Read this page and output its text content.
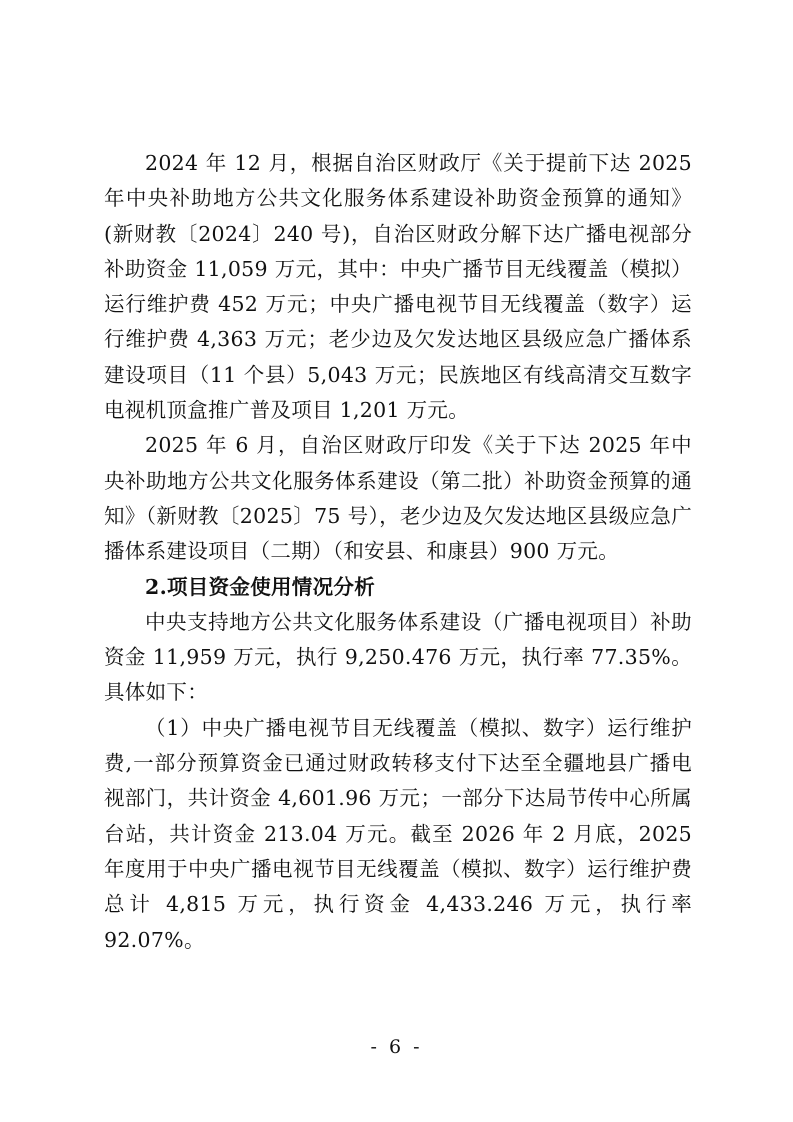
2024 年 12 月，根据自治区财政厅《关于提前下达 2025 年中央补助地方公共文化服务体系建设补助资金预算的通知》(新财教〔2024〕240 号)，自治区财政分解下达广播电视部分补助资金 11,059 万元，其中：中央广播节目无线覆盖（模拟）运行维护费 452 万元；中央广播电视节目无线覆盖（数字）运行维护费 4,363 万元；老少边及欠发达地区县级应急广播体系建设项目（11 个县）5,043 万元；民族地区有线高清交互数字电视机顶盒推广普及项目 1,201 万元。

2025 年 6 月，自治区财政厅印发《关于下达 2025 年中央补助地方公共文化服务体系建设（第二批）补助资金预算的通知》（新财教〔2025〕75 号），老少边及欠发达地区县级应急广播体系建设项目（二期）（和安县、和康县）900 万元。

2.项目资金使用情况分析

中央支持地方公共文化服务体系建设（广播电视项目）补助资金 11,959 万元，执行 9,250.476 万元，执行率 77.35%。具体如下：

（1）中央广播电视节目无线覆盖（模拟、数字）运行维护费,一部分预算资金已通过财政转移支付下达至全疆地县广播电视部门，共计资金 4,601.96 万元；一部分下达局节传中心所属台站，共计资金 213.04 万元。截至 2026 年 2 月底，2025 年度用于中央广播电视节目无线覆盖（模拟、数字）运行维护费总计 4,815 万元，执行资金 4,433.246 万元，执行率 92.07%。

- 6 -
